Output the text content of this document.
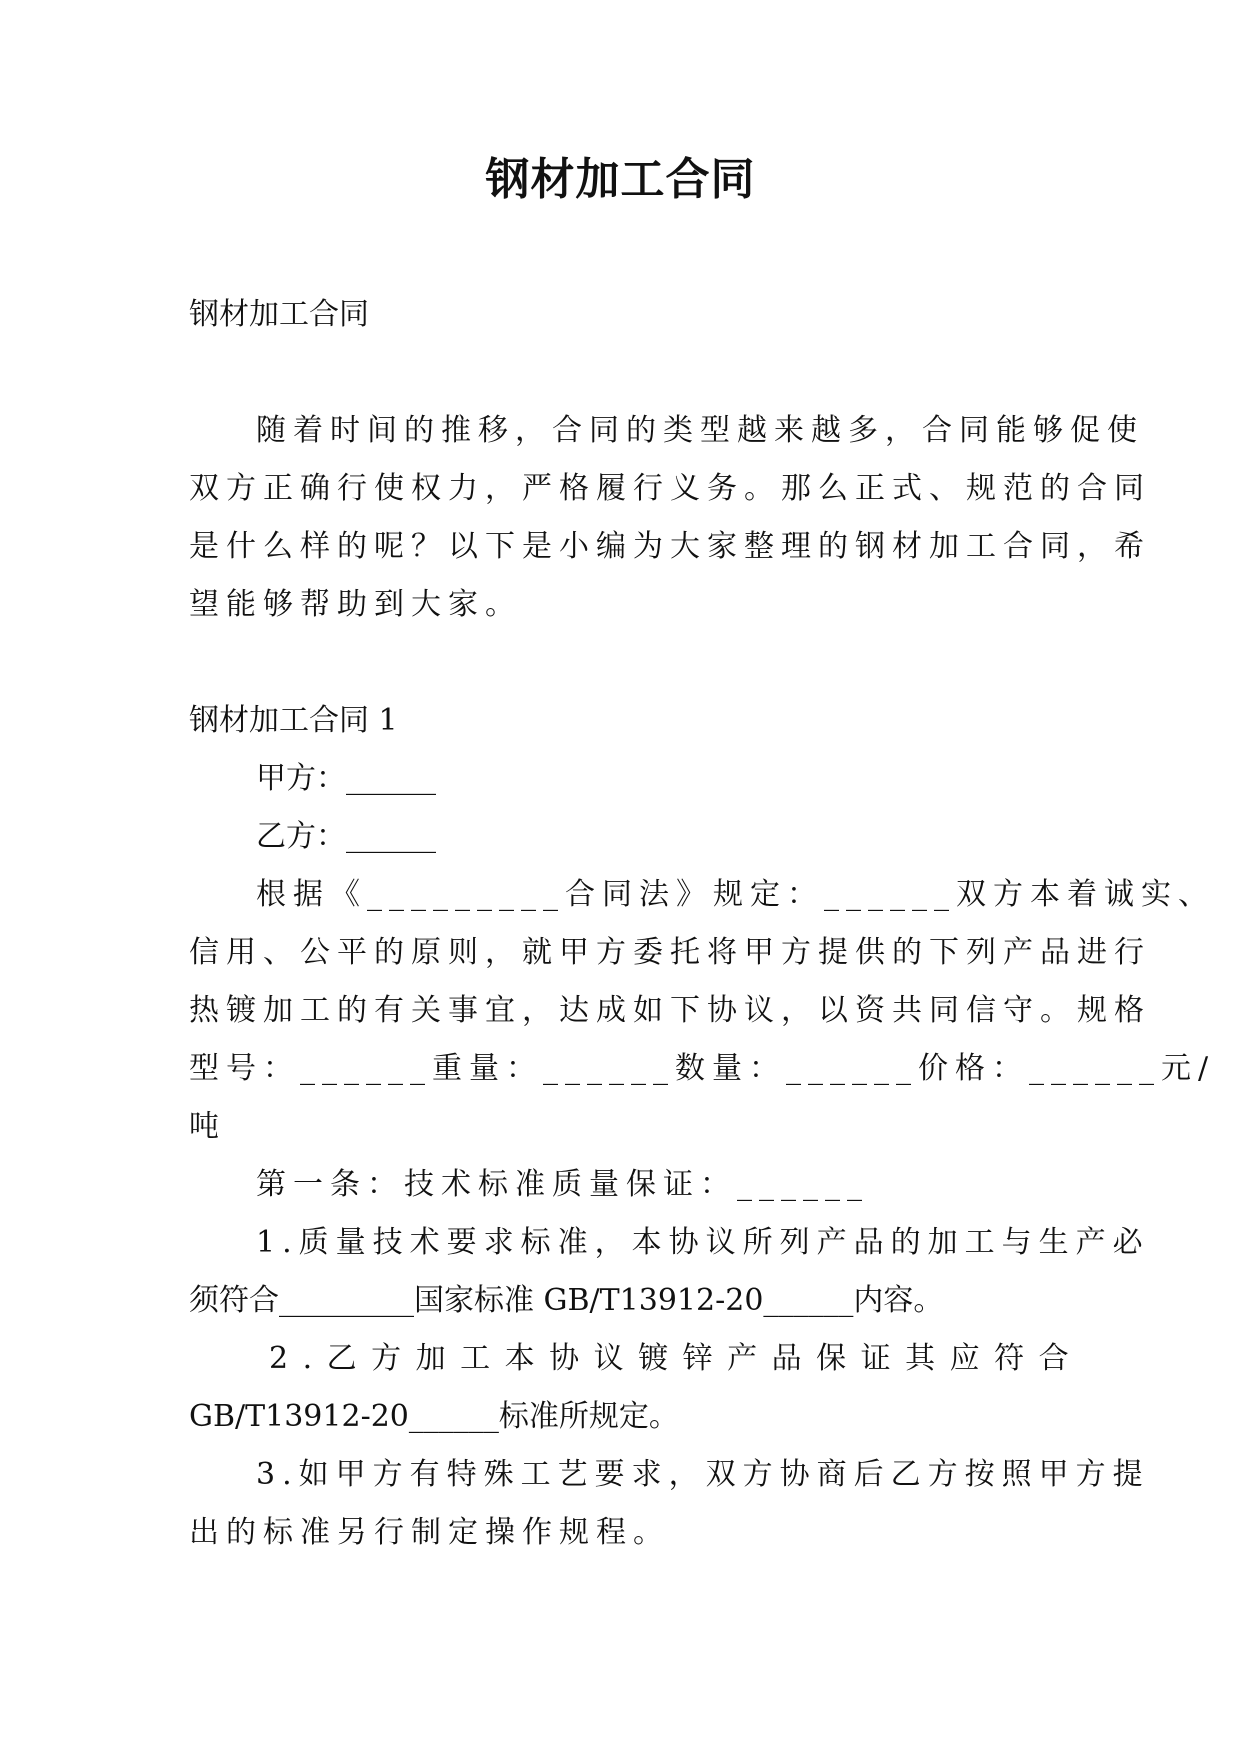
钢材加工合同
钢材加工合同
随着时间的推移，合同的类型越来越多，合同能够促使
双方正确行使权力，严格履行义务。那么正式、规范的合同
是什么样的呢？以下是小编为大家整理的钢材加工合同，希
望能够帮助到大家。
钢材加工合同 1
甲方：______
乙方：______
根据《_________合同法》规定：______双方本着诚实、
信用、公平的原则，就甲方委托将甲方提供的下列产品进行
热镀加工的有关事宜，达成如下协议，以资共同信守。规格
型号：______重量：______数量：______价格：______元/
吨
第一条：技术标准质量保证：______
1.质量技术要求标准，本协议所列产品的加工与生产必
须符合_________国家标准 GB/T13912-20______内容。
2.乙方加工本协议镀锌产品保证其应符合
GB/T13912-20______标准所规定。
3.如甲方有特殊工艺要求，双方协商后乙方按照甲方提
出的标准另行制定操作规程。
